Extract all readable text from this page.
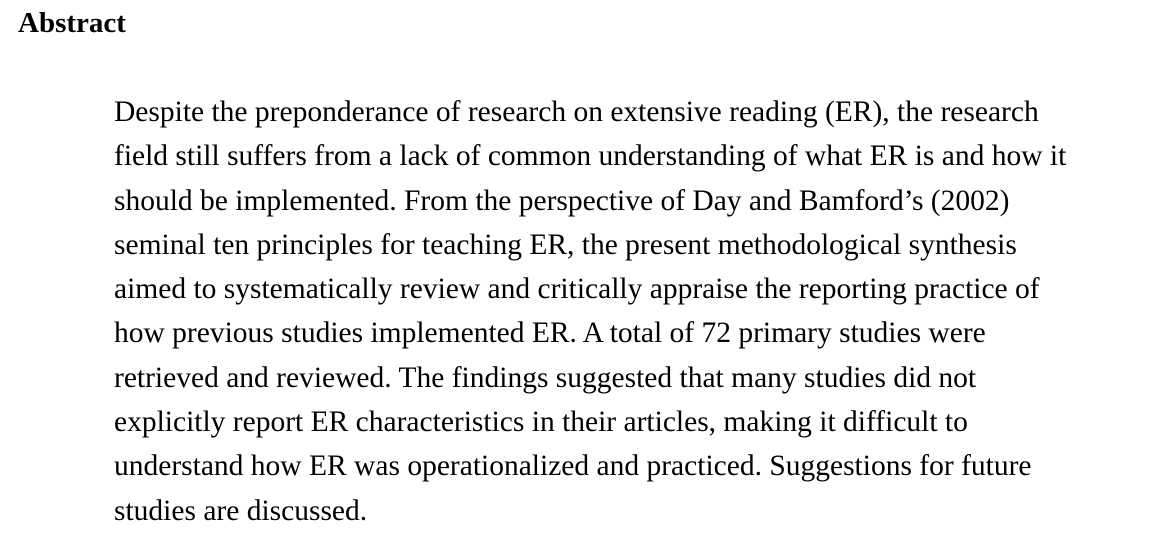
Abstract
Despite the preponderance of research on extensive reading (ER), the research
field still suffers from a lack of common understanding of what ER is and how it
should be implemented. From the perspective of Day and Bamford’s (2002)
seminal ten principles for teaching ER, the present methodological synthesis
aimed to systematically review and critically appraise the reporting practice of
how previous studies implemented ER. A total of 72 primary studies were
retrieved and reviewed. The findings suggested that many studies did not
explicitly report ER characteristics in their articles, making it difficult to
understand how ER was operationalized and practiced. Suggestions for future
studies are discussed.
